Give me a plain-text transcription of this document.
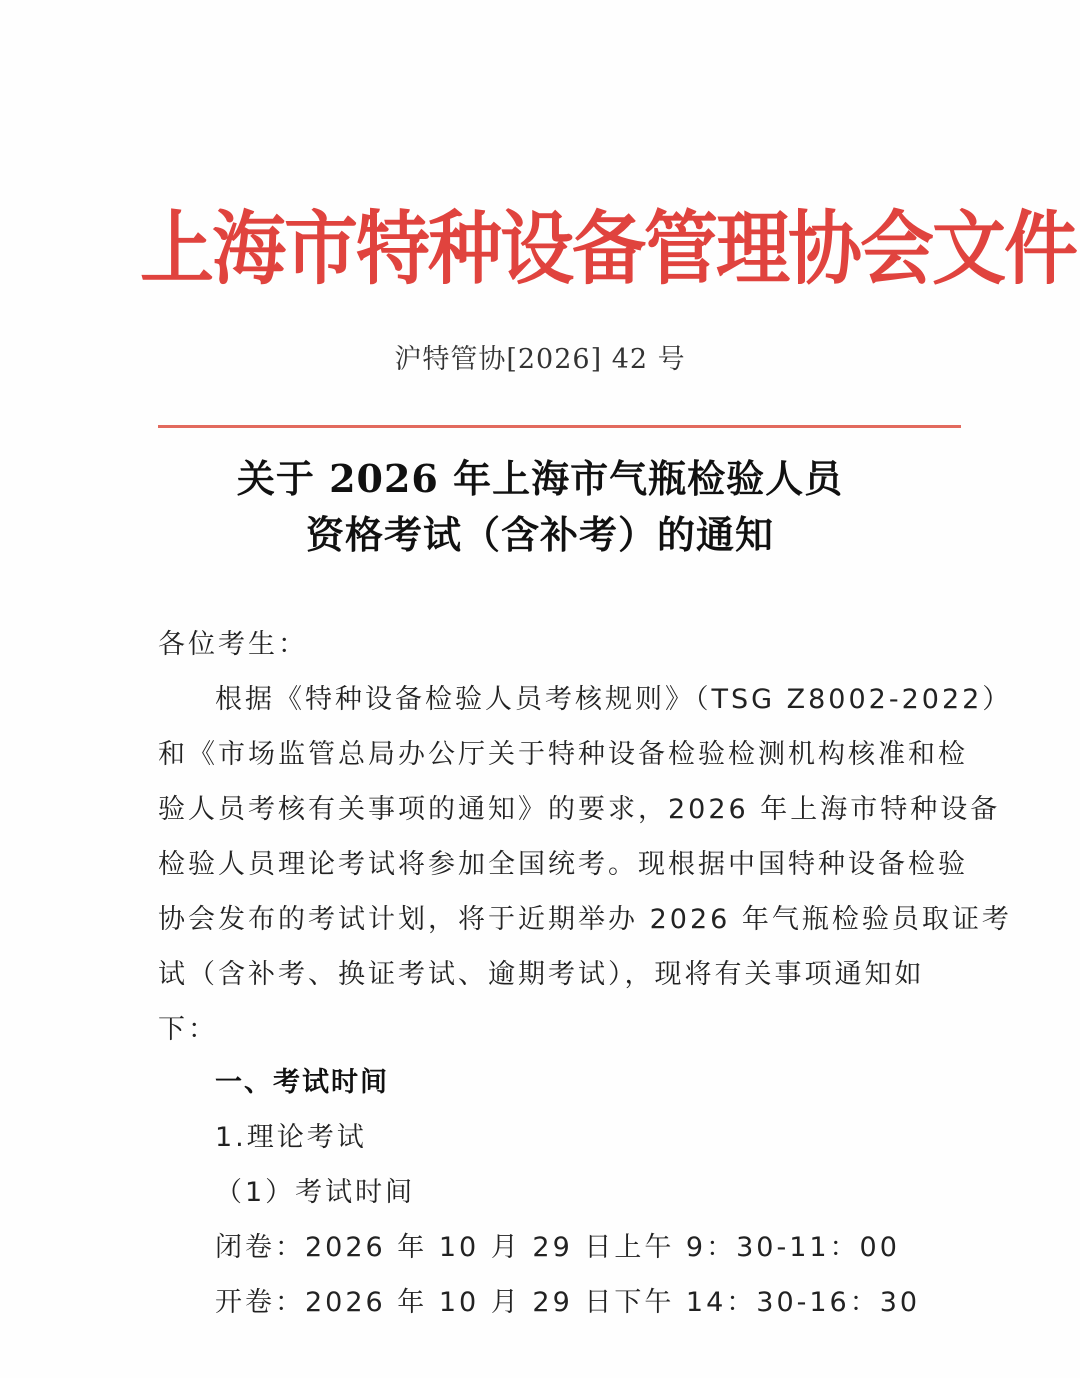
上海市特种设备管理协会文件
沪特管协[2026] 42 号
关于 2026 年上海市气瓶检验人员
资格考试（含补考）的通知
各位考生：
根据《特种设备检验人员考核规则》（TSG Z8002-2022）
和《市场监管总局办公厅关于特种设备检验检测机构核准和检
验人员考核有关事项的通知》的要求，2026 年上海市特种设备
检验人员理论考试将参加全国统考。现根据中国特种设备检验
协会发布的考试计划，将于近期举办 2026 年气瓶检验员取证考
试（含补考、换证考试、逾期考试），现将有关事项通知如
下：
一、考试时间
1.理论考试
（1）考试时间
闭卷：2026 年 10 月 29 日上午 9：30-11：00
开卷：2026 年 10 月 29 日下午 14：30-16：30
